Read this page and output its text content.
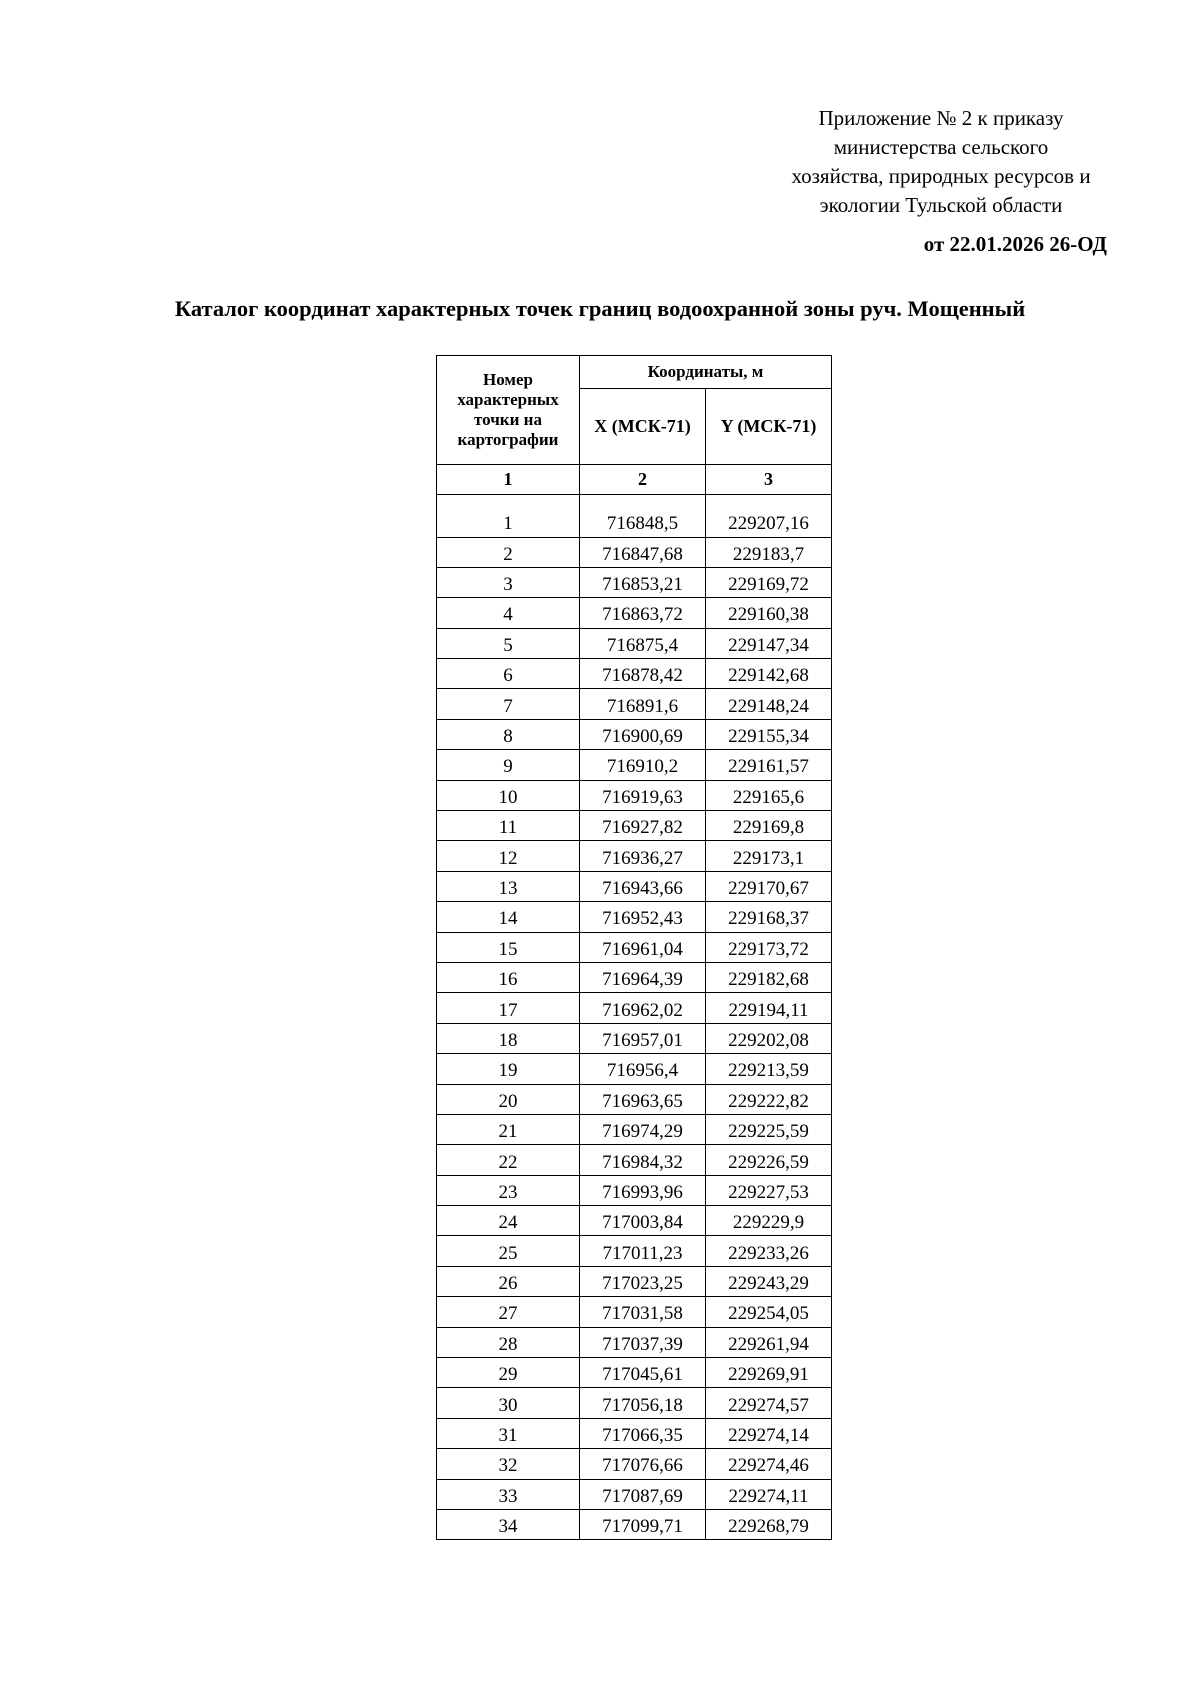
Приложение № 2 к приказу
министерства сельского
хозяйства, природных ресурсов и
экологии Тульской области
от 22.01.2026 26-ОД
Каталог координат характерных точек границ водоохранной зоны руч. Мощенный
Номер характерных точки на картографии	Координаты, м	
	X (МСК-71)	Y (МСК-71)
1	2	3

1	716848,5	229207,16
2	716847,68	229183,7
3	716853,21	229169,72
4	716863,72	229160,38
5	716875,4	229147,34
6	716878,42	229142,68
7	716891,6	229148,24
8	716900,69	229155,34
9	716910,2	229161,57
10	716919,63	229165,6
11	716927,82	229169,8
12	716936,27	229173,1
13	716943,66	229170,67
14	716952,43	229168,37
15	716961,04	229173,72
16	716964,39	229182,68
17	716962,02	229194,11
18	716957,01	229202,08
19	716956,4	229213,59
20	716963,65	229222,82
21	716974,29	229225,59
22	716984,32	229226,59
23	716993,96	229227,53
24	717003,84	229229,9
25	717011,23	229233,26
26	717023,25	229243,29
27	717031,58	229254,05
28	717037,39	229261,94
29	717045,61	229269,91
30	717056,18	229274,57
31	717066,35	229274,14
32	717076,66	229274,46
33	717087,69	229274,11
34	717099,71	229268,79
